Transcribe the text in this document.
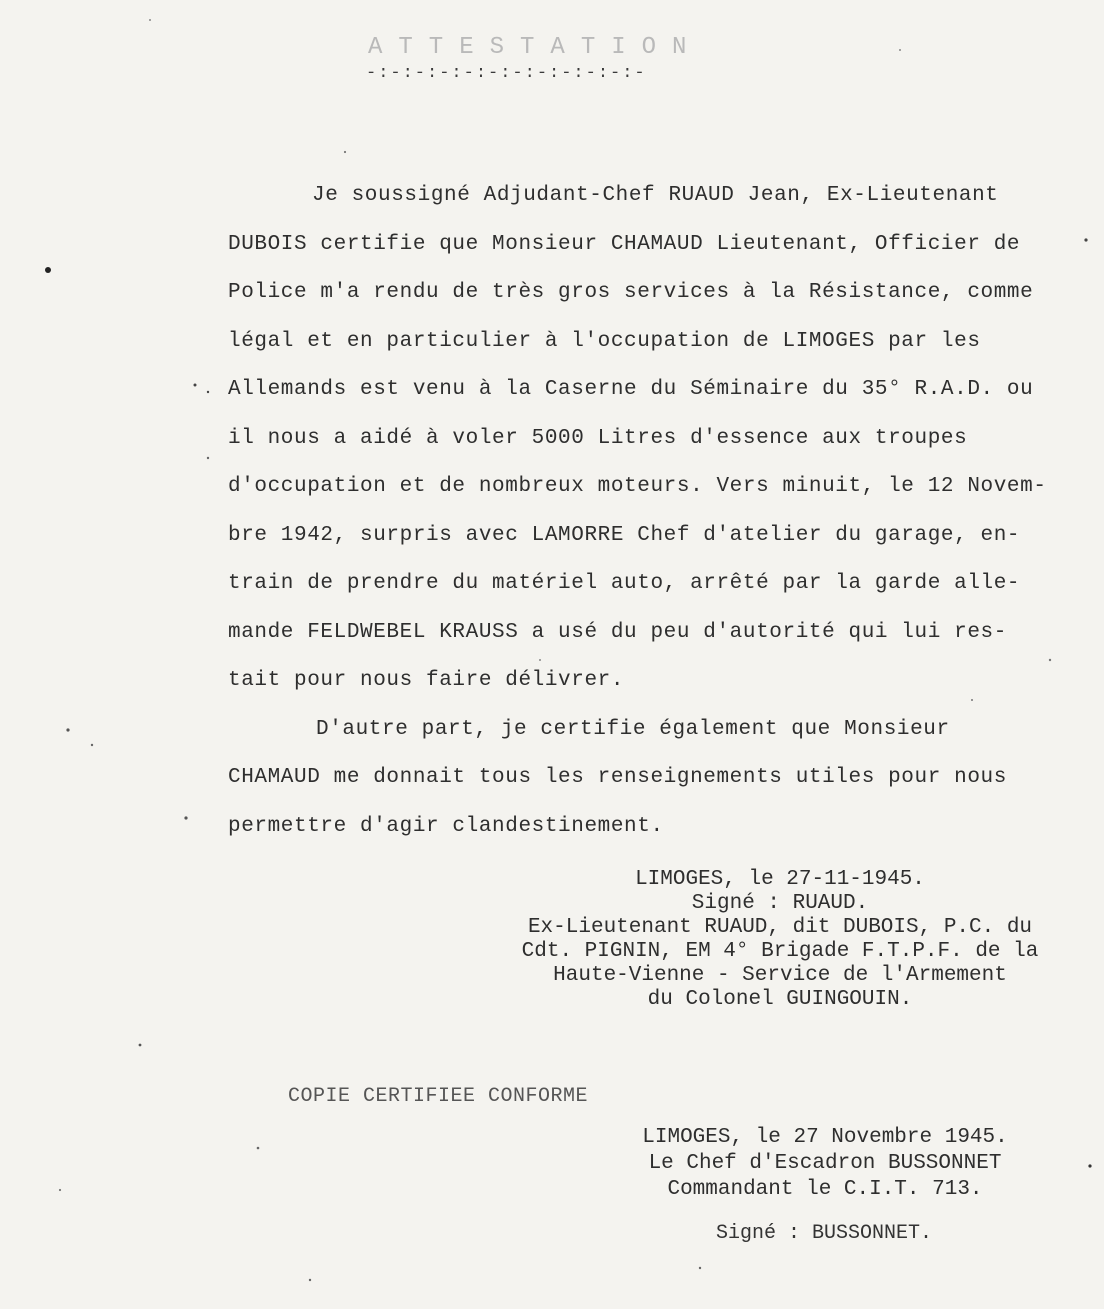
ATTESTATION
-:-:-:-:-:-:-:-:-:-:-:-
Je soussigné Adjudant-Chef RUAUD Jean, Ex-Lieutenant
DUBOIS certifie que Monsieur CHAMAUD Lieutenant, Officier de
Police m'a rendu de très gros services à la Résistance, comme
légal et en particulier à l'occupation de LIMOGES par les
Allemands est venu à la Caserne du Séminaire du 35° R.A.D. ou
il nous a aidé à voler 5000 Litres d'essence aux troupes
d'occupation et de nombreux moteurs. Vers minuit, le 12 Novem-
bre 1942, surpris avec LAMORRE Chef d'atelier du garage, en-
train de prendre du matériel auto, arrêté par la garde alle-
mande FELDWEBEL KRAUSS a usé du peu d'autorité qui lui res-
tait pour nous faire délivrer.
D'autre part, je certifie également que Monsieur
CHAMAUD me donnait tous les renseignements utiles pour nous
permettre d'agir clandestinement.
LIMOGES, le 27-11-1945.
Signé : RUAUD.
Ex-Lieutenant RUAUD, dit DUBOIS, P.C. du
Cdt. PIGNIN, EM 4° Brigade F.T.P.F. de la
Haute-Vienne - Service de l'Armement
du Colonel GUINGOUIN.
COPIE CERTIFIEE CONFORME
LIMOGES, le 27 Novembre 1945.
Le Chef d'Escadron BUSSONNET
Commandant le C.I.T. 713.
Signé : BUSSONNET.
